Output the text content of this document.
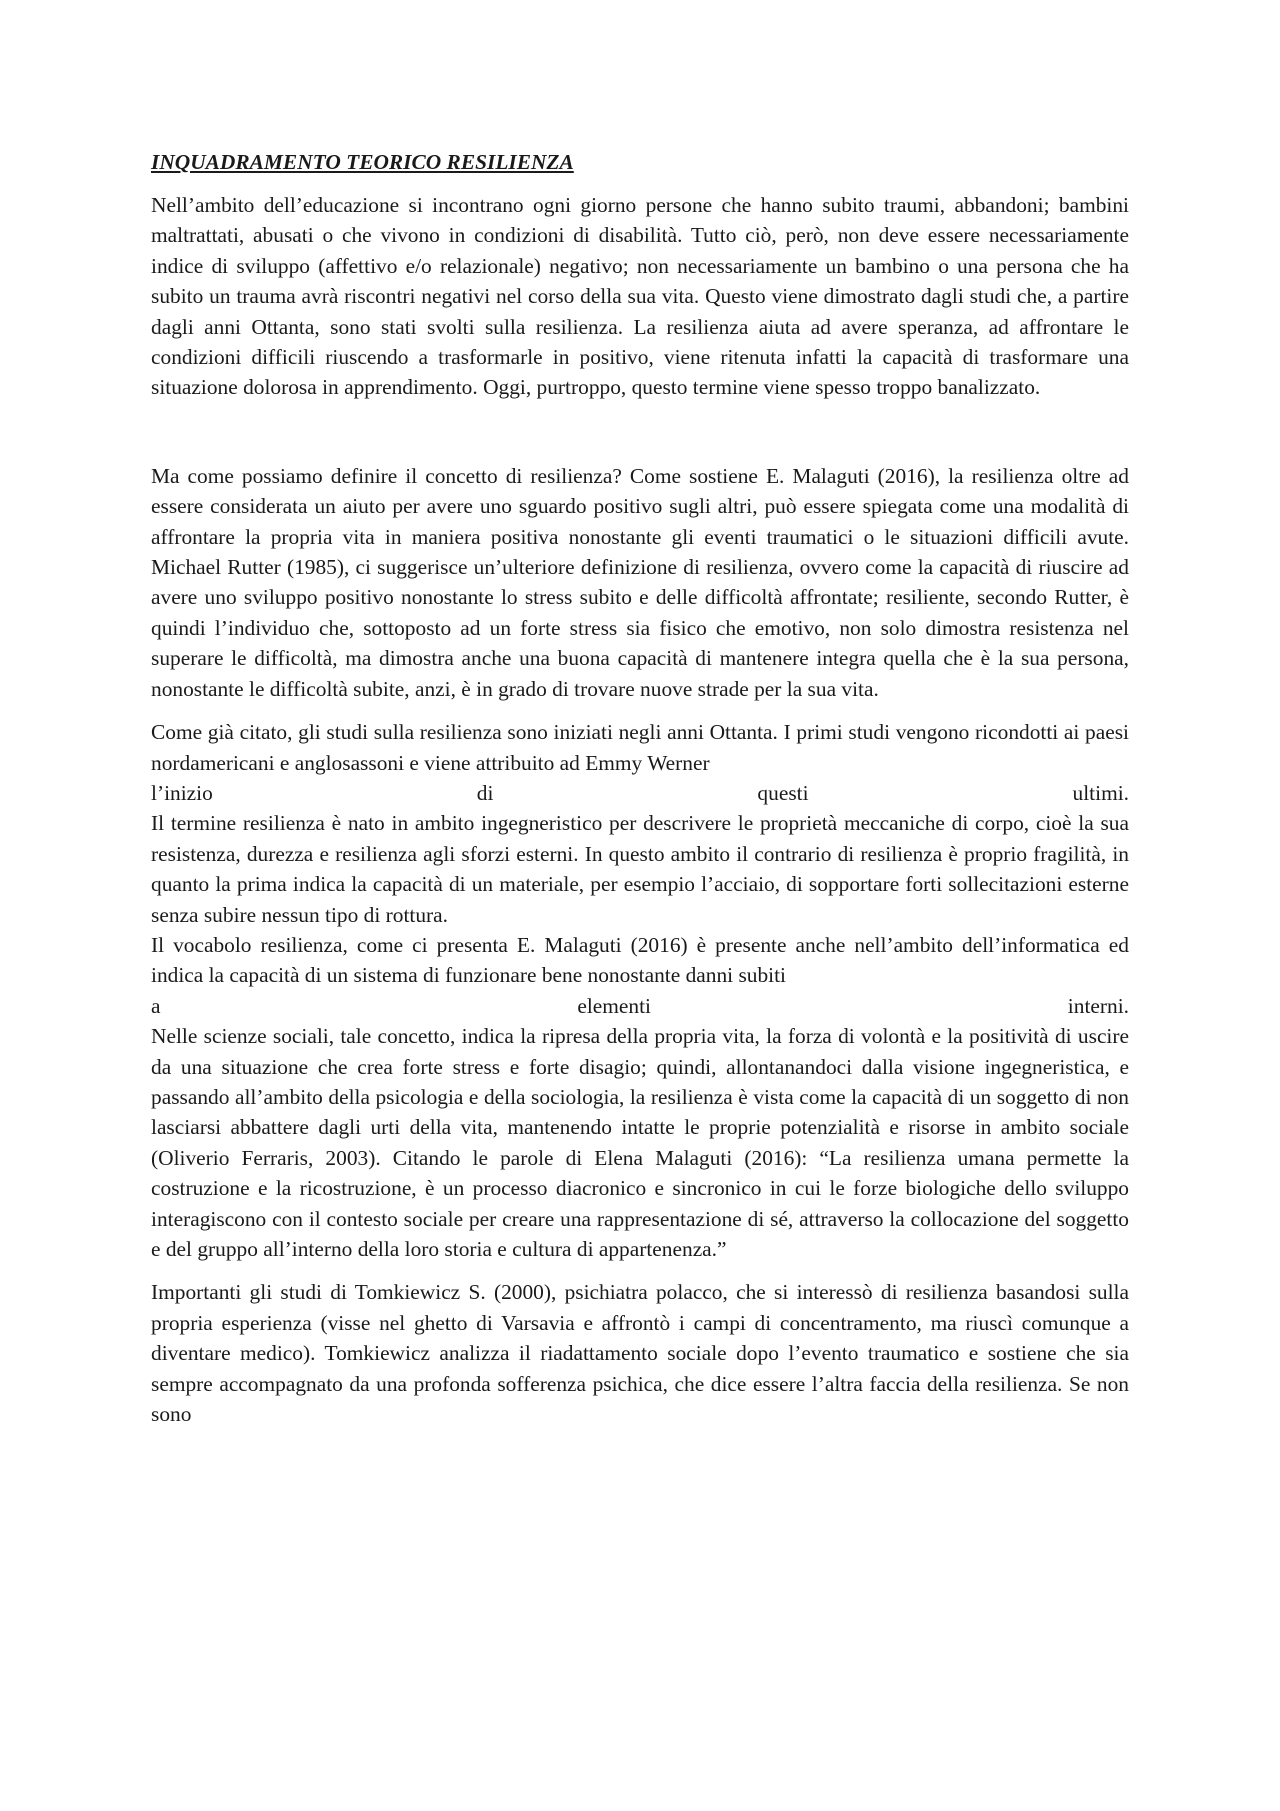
INQUADRAMENTO TEORICO RESILIENZA

Nell’ambito dell’educazione si incontrano ogni giorno persone che hanno subito traumi, abbandoni; bambini maltrattati, abusati o che vivono in condizioni di disabilità. Tutto ciò, però, non deve essere necessariamente indice di sviluppo (affettivo e/o relazionale) negativo; non necessariamente un bambino o una persona che ha subito un trauma avrà riscontri negativi nel corso della sua vita. Questo viene dimostrato dagli studi che, a partire dagli anni Ottanta, sono stati svolti sulla resilienza. La resilienza aiuta ad avere speranza, ad affrontare le condizioni difficili riuscendo a trasformarle in positivo, viene ritenuta infatti la capacità di trasformare una situazione dolorosa in apprendimento. Oggi, purtroppo, questo termine viene spesso troppo banalizzato.

Ma come possiamo definire il concetto di resilienza? Come sostiene E. Malaguti (2016), la resilienza oltre ad essere considerata un aiuto per avere uno sguardo positivo sugli altri, può essere spiegata come una modalità di affrontare la propria vita in maniera positiva nonostante gli eventi traumatici o le situazioni difficili avute. Michael Rutter (1985), ci suggerisce un’ulteriore definizione di resilienza, ovvero come la capacità di riuscire ad avere uno sviluppo positivo nonostante lo stress subito e delle difficoltà affrontate; resiliente, secondo Rutter, è quindi l’individuo che, sottoposto ad un forte stress sia fisico che emotivo, non solo dimostra resistenza nel superare le difficoltà, ma dimostra anche una buona capacità di mantenere integra quella che è la sua persona, nonostante le difficoltà subite, anzi, è in grado di trovare nuove strade per la sua vita.

Come già citato, gli studi sulla resilienza sono iniziati negli anni Ottanta. I primi studi vengono ricondotti ai paesi nordamericani e anglosassoni e viene attribuito ad Emmy Werner
l’inizio di questi ultimi.

Il termine resilienza è nato in ambito ingegneristico per descrivere le proprietà meccaniche di corpo, cioè la sua resistenza, durezza e resilienza agli sforzi esterni. In questo ambito il contrario di resilienza è proprio fragilità, in quanto la prima indica la capacità di un materiale, per esempio l’acciaio, di sopportare forti sollecitazioni esterne senza subire nessun tipo di rottura.

Il vocabolo resilienza, come ci presenta E. Malaguti (2016) è presente anche nell’ambito dell’informatica ed indica la capacità di un sistema di funzionare bene nonostante danni subiti
a elementi interni.

Nelle scienze sociali, tale concetto, indica la ripresa della propria vita, la forza di volontà e la positività di uscire da una situazione che crea forte stress e forte disagio; quindi, allontanandoci dalla visione ingegneristica, e passando all’ambito della psicologia e della sociologia, la resilienza è vista come la capacità di un soggetto di non lasciarsi abbattere dagli urti della vita, mantenendo intatte le proprie potenzialità e risorse in ambito sociale (Oliverio Ferraris, 2003). Citando le parole di Elena Malaguti (2016): “La resilienza umana permette la costruzione e la ricostruzione, è un processo diacronico e sincronico in cui le forze biologiche dello sviluppo interagiscono con il contesto sociale per creare una rappresentazione di sé, attraverso la collocazione del soggetto e del gruppo all’interno della loro storia e cultura di appartenenza.”

Importanti gli studi di Tomkiewicz S. (2000), psichiatra polacco, che si interessò di resilienza basandosi sulla propria esperienza (visse nel ghetto di Varsavia e affrontò i campi di concentramento, ma riuscì comunque a diventare medico). Tomkiewicz analizza il riadattamento sociale dopo l’evento traumatico e sostiene che sia sempre accompagnato da una profonda sofferenza psichica, che dice essere l’altra faccia della resilienza. Se non sono
